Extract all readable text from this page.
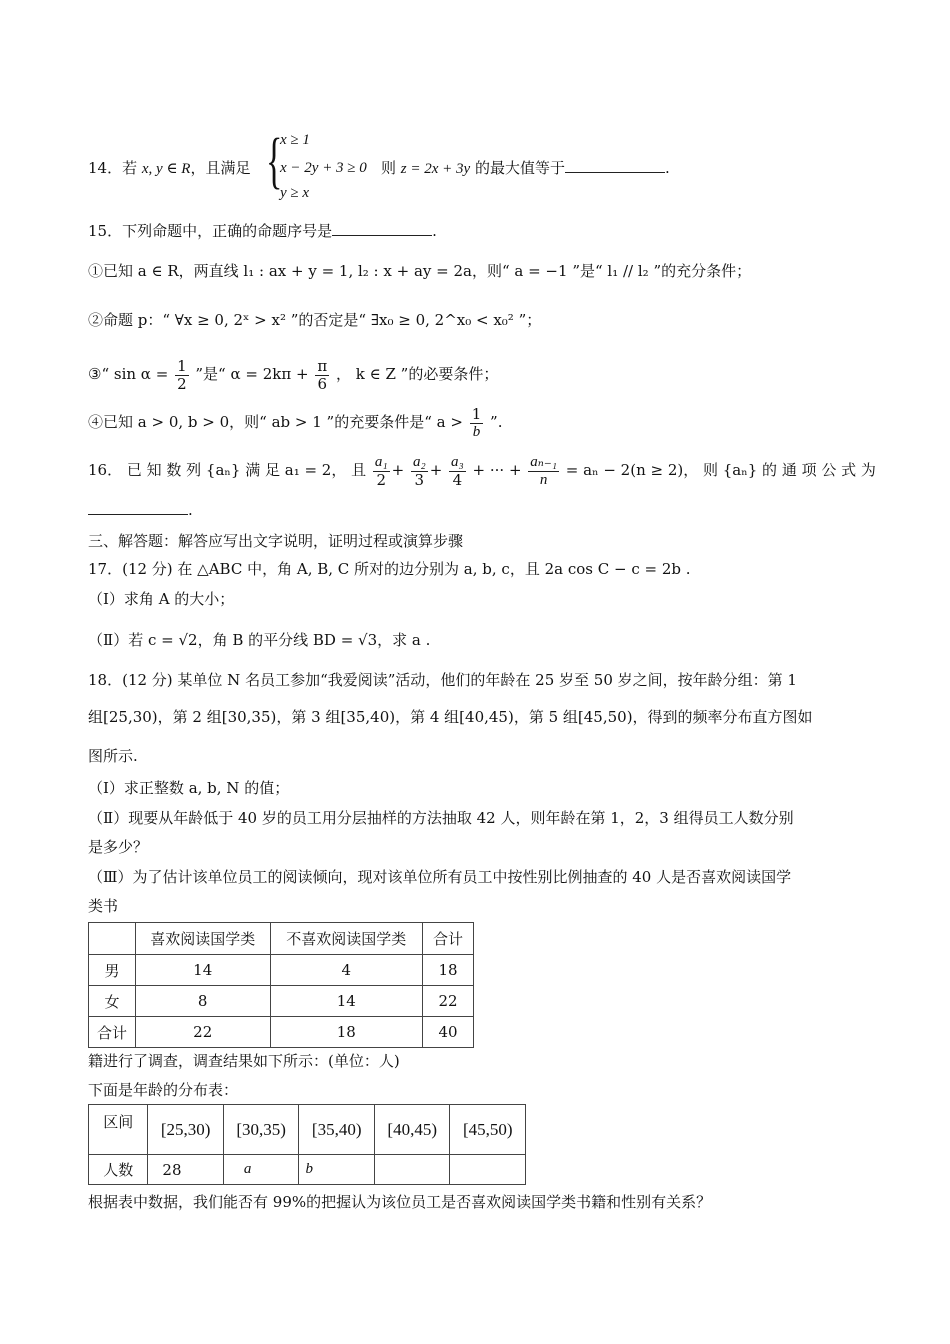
14．若 x, y ∈ R，且满足 {
x ≥ 1
x − 2y + 3 ≥ 0
y ≥ x
则 z = 2x + 3y 的最大值等于	.
15．下列命题中，正确的命题序号是	.
①已知 a ∈ R，两直线 l₁ : ax + y = 1, l₂ : x + ay = 2a，则“ a = −1 ”是“ l₁ // l₂ ”的充分条件；
②命题 p：“ ∀x ≥ 0, 2ˣ > x² ”的否定是“ ∃x₀ ≥ 0, 2^x₀ < x₀² ”；
③“ $\sin \alpha = \frac{1}{2}$ ”是“ $\alpha = 2k\pi + \frac{\pi}{6}$ ， k ∈ Z ”的必要条件；
④已知 a > 0, b > 0，则“ ab > 1 ”的充要条件是“ $a > \frac{1}{b}$ ”.
16． 已 知 数 列 {aₙ} 满 足 a₁ = 2， 且 $\frac{\text{a₁}}{2} + \frac{\text{a₂}}{3} + \frac{\text{a₃}}{4}$ + ··· + $\frac{\text{aₙ₋₁}}{n} = a_n - 2(n \ge 2)$， 则 {aₙ} 的 通 项 公 式 为
.
三、解答题：解答应写出文字说明，证明过程或演算步骤
17．(12 分) 在 △ABC 中，角 A, B, C 所对的边分别为 a, b, c，且 2a cos C − c = 2b .
（Ⅰ）求角 A 的大小；
（Ⅱ）若 c = √2，角 B 的平分线 BD = √3，求 a .
18．(12 分) 某单位 N 名员工参加“我爱阅读”活动，他们的年龄在 25 岁至 50 岁之间，按年龄分组：第 1
组[25,30)，第 2 组[30,35)，第 3 组[35,40)，第 4 组[40,45)，第 5 组[45,50)，得到的频率分布直方图如
图所示.
（Ⅰ）求正整数 a, b, N 的值；
（Ⅱ）现要从年龄低于 40 岁的员工用分层抽样的方法抽取 42 人，则年龄在第 1，2，3 组得员工人数分别
是多少？
（Ⅲ）为了估计该单位员工的阅读倾向，现对该单位所有员工中按性别比例抽查的 40 人是否喜欢阅读国学
类书
	喜欢阅读国学类	不喜欢阅读国学类	合计
男	14	4	18
女	8	14	22
合计	22	18	40
籍进行了调查，调查结果如下所示：(单位：人)
下面是年龄的分布表：
区间	[25,30)	[30,35)	[35,40)	[40,45)	[45,50)
人数	28	a	b		
根据表中数据，我们能否有 99%的把握认为该位员工是否喜欢阅读国学类书籍和性别有关系？
